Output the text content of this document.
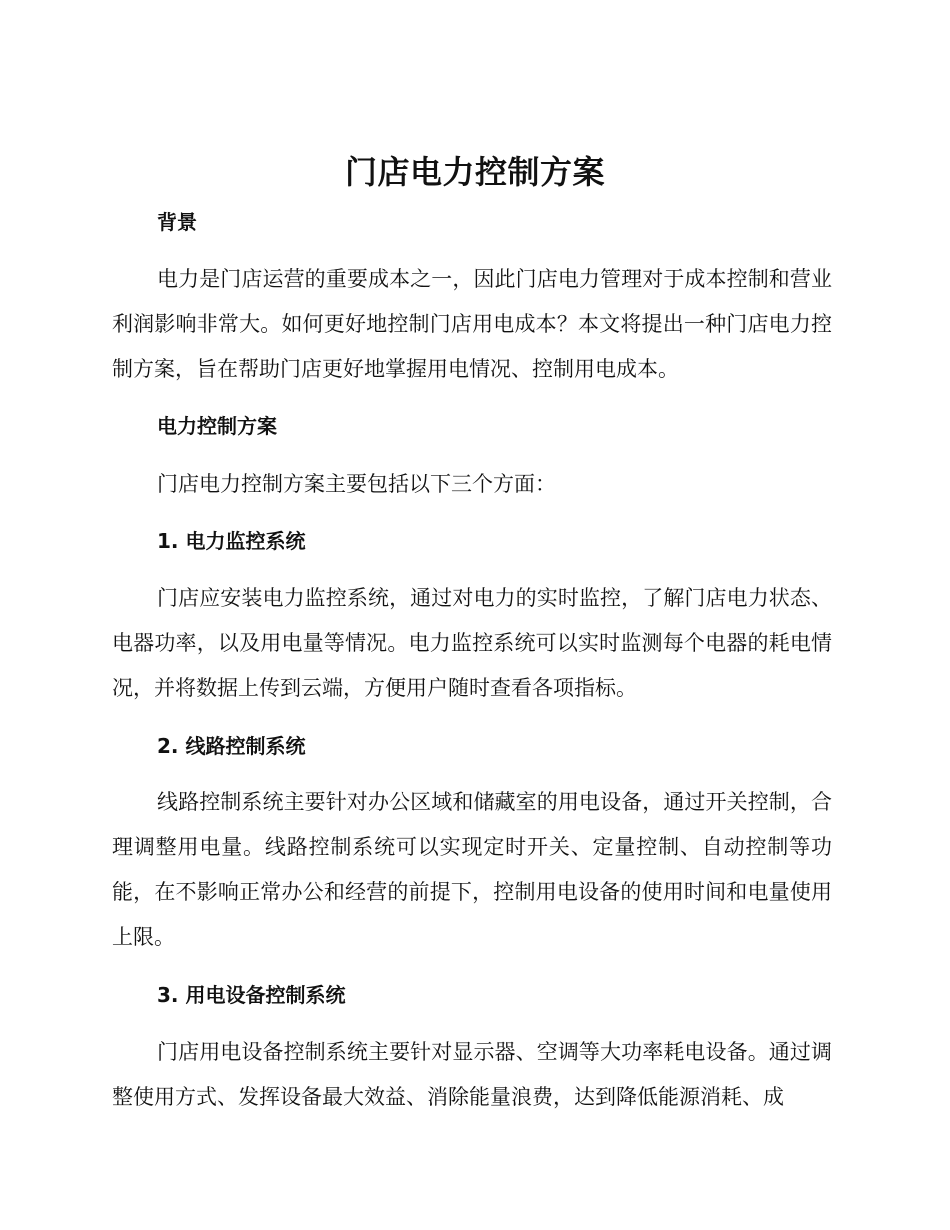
门店电力控制方案
背景

电力是门店运营的重要成本之一，因此门店电力管理对于成本控制和营业利润影响非常大。如何更好地控制门店用电成本？本文将提出一种门店电力控制方案，旨在帮助门店更好地掌握用电情况、控制用电成本。

电力控制方案

门店电力控制方案主要包括以下三个方面：

1. 电力监控系统

门店应安装电力监控系统，通过对电力的实时监控，了解门店电力状态、电器功率，以及用电量等情况。电力监控系统可以实时监测每个电器的耗电情况，并将数据上传到云端，方便用户随时查看各项指标。

2. 线路控制系统

线路控制系统主要针对办公区域和储藏室的用电设备，通过开关控制，合理调整用电量。线路控制系统可以实现定时开关、定量控制、自动控制等功能，在不影响正常办公和经营的前提下，控制用电设备的使用时间和电量使用上限。

3. 用电设备控制系统

门店用电设备控制系统主要针对显示器、空调等大功率耗电设备。通过调整使用方式、发挥设备最大效益、消除能量浪费，达到降低能源消耗、成
